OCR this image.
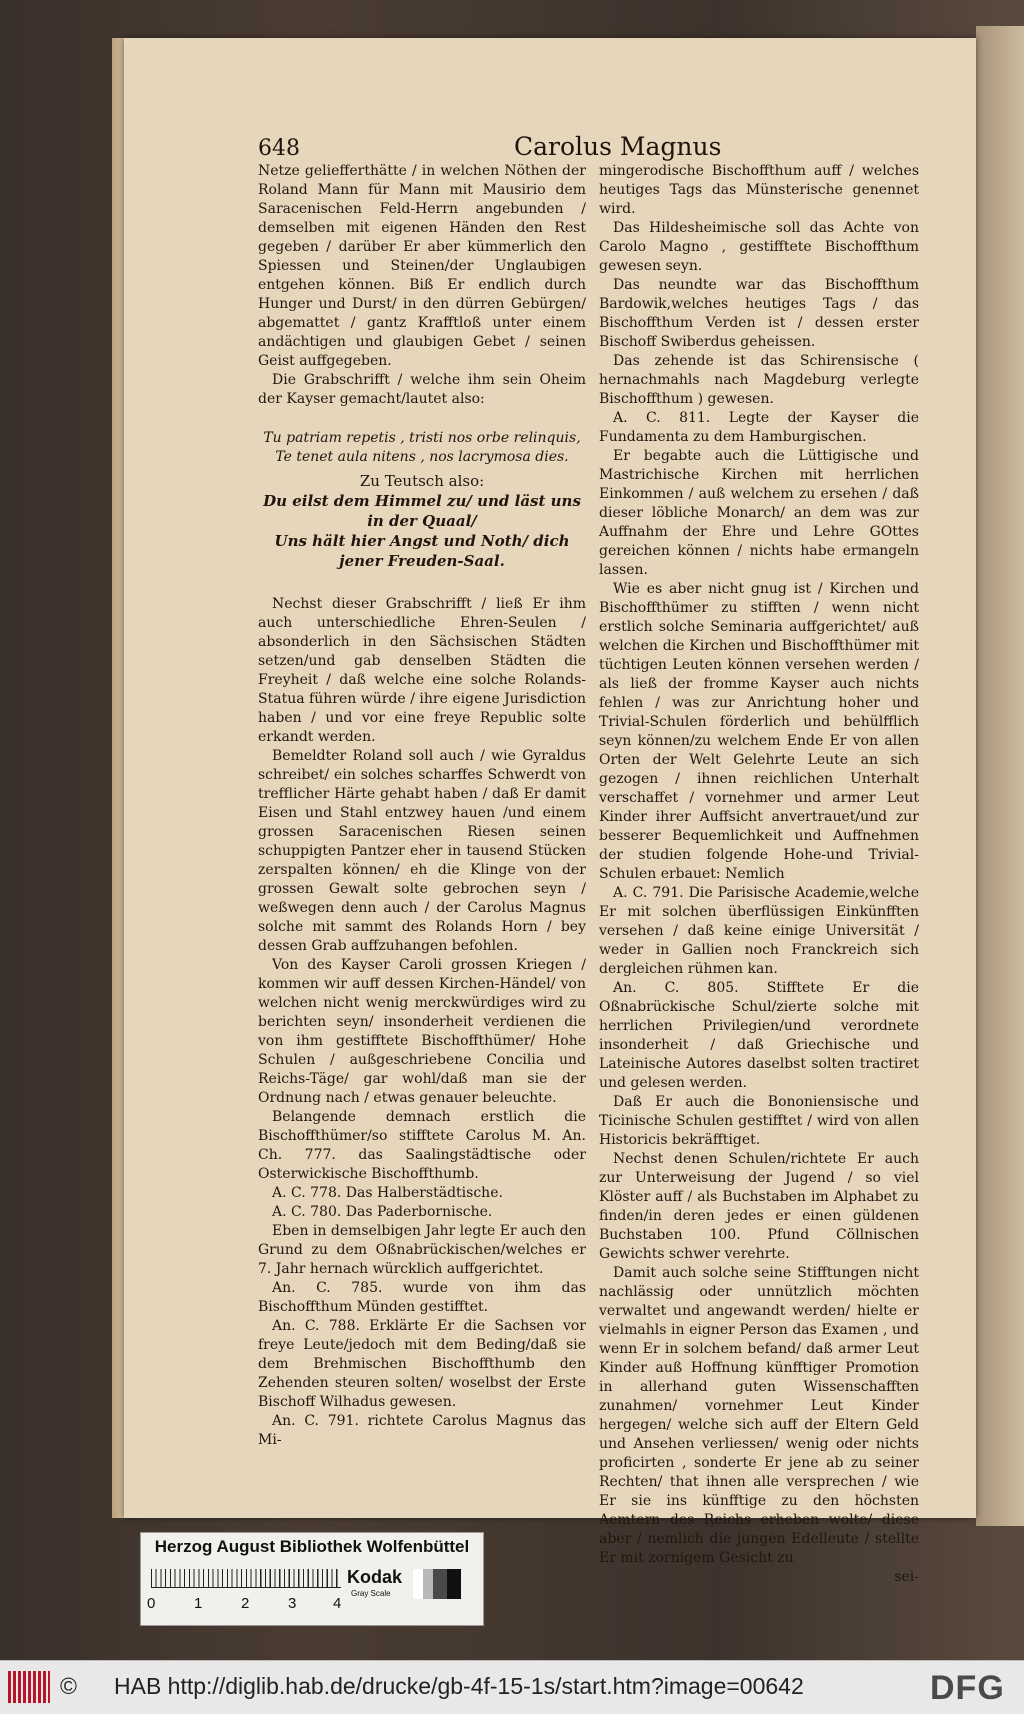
648	Carolus Magnus

Netze geliefferthätte / in welchen Nöthen der Roland Mann für Mann mit Mausirio dem Saracenischen Feld-Herrn angebunden / demselben mit eigenen Händen den Rest gegeben / darüber Er aber kümmerlich den Spiessen und Steinen/der Unglaubigen entgehen können. Biß Er endlich durch Hunger und Durst/ in den dürren Gebürgen/ abgemattet / gantz Krafftloß unter einem andächtigen und glaubigen Gebet / seinen Geist auffgegeben.

Die Grabschrifft / welche ihm sein Oheim der Kayser gemacht/lautet also:

Tu patriam repetis , tristi nos orbe relinquis,
Te tenet aula nitens , nos lacrymosa dies.
Zu Teutsch also:
Du eilst dem Himmel zu/ und läst uns in der Quaal/
Uns hält hier Angst und Noth/ dich jener Freuden-Saal.

Nechst dieser Grabschrifft / ließ Er ihm auch unterschiedliche Ehren-Seulen / absonderlich in den Sächsischen Städten setzen/und gab denselben Städten die Freyheit / daß welche eine solche Rolands-Statua führen würde / ihre eigene Jurisdiction haben / und vor eine freye Republic solte erkandt werden.

Bemeldter Roland soll auch / wie Gyraldus schreibet/ ein solches scharffes Schwerdt von trefflicher Härte gehabt haben / daß Er damit Eisen und Stahl entzwey hauen /und einem grossen Saracenischen Riesen seinen schuppigten Pantzer eher in tausend Stücken zerspalten können/ eh die Klinge von der grossen Gewalt solte gebrochen seyn / weßwegen denn auch / der Carolus Magnus solche mit sammt des Rolands Horn / bey dessen Grab auffzuhangen befohlen.

Von des Kayser Caroli grossen Kriegen / kommen wir auff dessen Kirchen-Händel/ von welchen nicht wenig merckwürdiges wird zu berichten seyn/ insonderheit verdienen die von ihm gestifftete Bischoffthümer/ Hohe Schulen / außgeschriebene Concilia und Reichs-Täge/ gar wohl/daß man sie der Ordnung nach / etwas genauer beleuchte.

Belangende demnach erstlich die Bischoffthümer/so stifftete Carolus M. An. Ch. 777. das Saalingstädtische oder Osterwickische Bischoffthumb.

A. C. 778. Das Halberstädtische.

A. C. 780. Das Paderbornische.

Eben in demselbigen Jahr legte Er auch den Grund zu dem Oßnabrückischen/welches er 7. Jahr hernach würcklich auffgerichtet.

An. C. 785. wurde von ihm das Bischoffthum Münden gestifftet.

An. C. 788. Erklärte Er die Sachsen vor freye Leute/jedoch mit dem Beding/daß sie dem Brehmischen Bischoffthumb den Zehenden steuren solten/ woselbst der Erste Bischoff Wilhadus gewesen.

An. C. 791. richtete Carolus Magnus das Mi-

mingerodische Bischoffthum auff / welches heutiges Tags das Münsterische genennet wird.

Das Hildesheimische soll das Achte von Carolo Magno , gestifftete Bischoffthum gewesen seyn.

Das neundte war das Bischoffthum Bardowik,welches heutiges Tags / das Bischoffthum Verden ist / dessen erster Bischoff Swiberdus geheissen.

Das zehende ist das Schirensische ( hernachmahls nach Magdeburg verlegte Bischoffthum ) gewesen.

A. C. 811. Legte der Kayser die Fundamenta zu dem Hamburgischen.

Er begabte auch die Lüttigische und Mastrichische Kirchen mit herrlichen Einkommen / auß welchem zu ersehen / daß dieser löbliche Monarch/ an dem was zur Auffnahm der Ehre und Lehre GOttes gereichen können / nichts habe ermangeln lassen.

Wie es aber nicht gnug ist / Kirchen und Bischoffthümer zu stifften / wenn nicht erstlich solche Seminaria auffgerichtet/ auß welchen die Kirchen und Bischoffthümer mit tüchtigen Leuten können versehen werden / als ließ der fromme Kayser auch nichts fehlen / was zur Anrichtung hoher und Trivial-Schulen förderlich und behülfflich seyn können/zu welchem Ende Er von allen Orten der Welt Gelehrte Leute an sich gezogen / ihnen reichlichen Unterhalt verschaffet / vornehmer und armer Leut Kinder ihrer Auffsicht anvertrauet/und zur besserer Bequemlichkeit und Auffnehmen der studien folgende Hohe-und Trivial-Schulen erbauet: Nemlich

A. C. 791. Die Parisische Academie,welche Er mit solchen überflüssigen Einkünfften versehen / daß keine einige Universität / weder in Gallien noch Franckreich sich dergleichen rühmen kan.

An. C. 805. Stifftete Er die Oßnabrückische Schul/zierte solche mit herrlichen Privilegien/und verordnete insonderheit / daß Griechische und Lateinische Autores daselbst solten tractiret und gelesen werden.

Daß Er auch die Bononiensische und Ticinische Schulen gestifftet / wird von allen Historicis bekräfftiget.

Nechst denen Schulen/richtete Er auch zur Unterweisung der Jugend / so viel Klöster auff / als Buchstaben im Alphabet zu finden/in deren jedes er einen güldenen Buchstaben 100. Pfund Cöllnischen Gewichts schwer verehrte.

Damit auch solche seine Stifftungen nicht nachlässig oder unnützlich möchten verwaltet und angewandt werden/ hielte er vielmahls in eigner Person das Examen , und wenn Er in solchem befand/ daß armer Leut Kinder auß Hoffnung künfftiger Promotion in allerhand guten Wissenschafften zunahmen/ vornehmer Leut Kinder hergegen/ welche sich auff der Eltern Geld und Ansehen verliessen/ wenig oder nichts proficirten , sonderte Er jene ab zu seiner Rechten/ that ihnen alle versprechen / wie Er sie ins künfftige zu den höchsten Aemtern des Reichs erheben wolte/ diese aber / nemlich die jungen Edelleute / stellte Er mit zornigem Gesicht zu

sei-

Herzog August Bibliothek Wolfenbüttel
0	1	2	3 4
Kodak
Gray Scale
© HAB http://diglib.hab.de/drucke/gb-4f-15-1s/start.htm?image=00642	DFG
